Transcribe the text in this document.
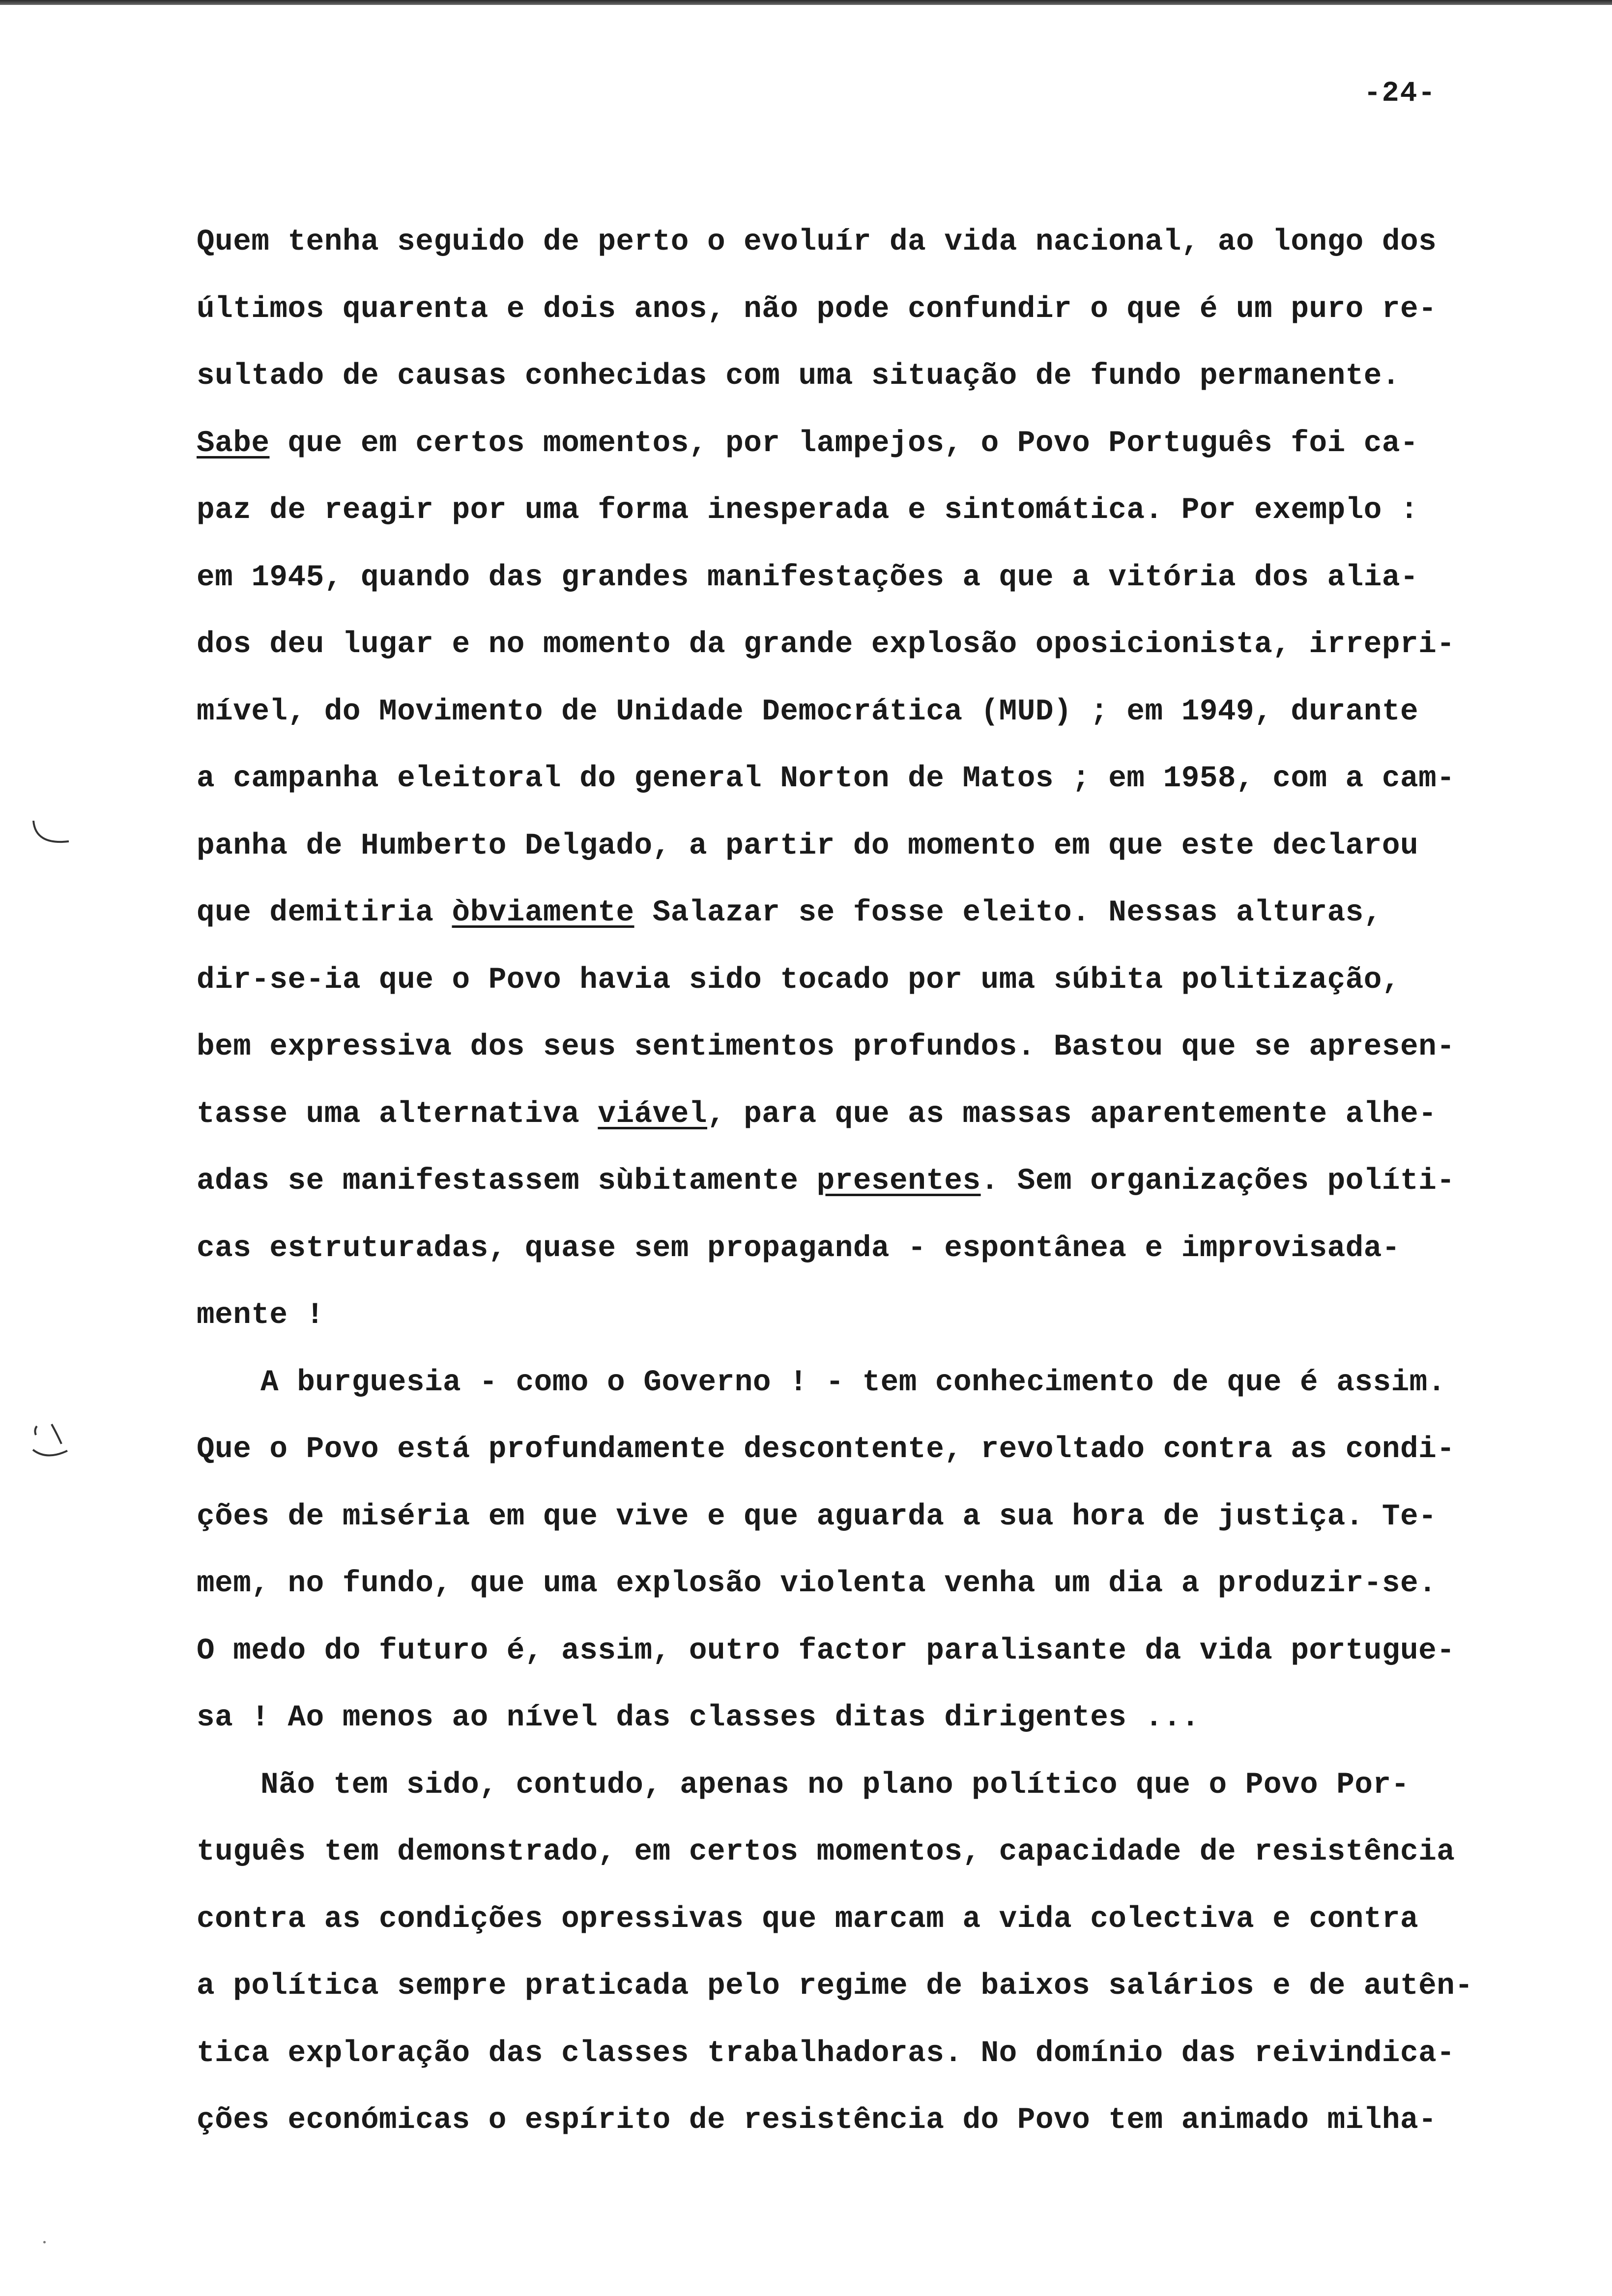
-24-
Quem tenha seguido de perto o evoluír da vida nacional, ao longo dos
últimos quarenta e dois anos, não pode confundir o que é um puro re-
sultado de causas conhecidas com uma situação de fundo permanente.
Sabe que em certos momentos, por lampejos, o Povo Português foi ca-
paz de reagir por uma forma inesperada e sintomática. Por exemplo :
em 1945, quando das grandes manifestações a que a vitória dos alia-
dos deu lugar e no momento da grande explosão oposicionista, irrepri-
mível, do Movimento de Unidade Democrática (MUD) ; em 1949, durante
a campanha eleitoral do general Norton de Matos ; em 1958, com a cam-
panha de Humberto Delgado, a partir do momento em que este declarou
que demitiria òbviamente Salazar se fosse eleito. Nessas alturas,
dir-se-ia que o Povo havia sido tocado por uma súbita politização,
bem expressiva dos seus sentimentos profundos. Bastou que se apresen-
tasse uma alternativa viável, para que as massas aparentemente alhe-
adas se manifestassem sùbitamente presentes. Sem organizações políti-
cas estruturadas, quase sem propaganda - espontânea e improvisada-
mente !
A burguesia - como o Governo ! - tem conhecimento de que é assim.
Que o Povo está profundamente descontente, revoltado contra as condi-
ções de miséria em que vive e que aguarda a sua hora de justiça. Te-
mem, no fundo, que uma explosão violenta venha um dia a produzir-se.
O medo do futuro é, assim, outro factor paralisante da vida portugue-
sa ! Ao menos ao nível das classes ditas dirigentes ...
Não tem sido, contudo, apenas no plano político que o Povo Por-
tuguês tem demonstrado, em certos momentos, capacidade de resistência
contra as condições opressivas que marcam a vida colectiva e contra
a política sempre praticada pelo regime de baixos salários e de autên-
tica exploração das classes trabalhadoras. No domínio das reivindica-
ções económicas o espírito de resistência do Povo tem animado milha-
